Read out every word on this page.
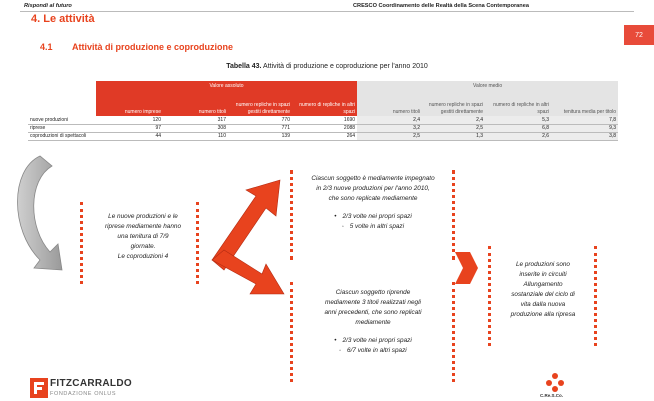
Rispondi al futuro	CRESCO Coordinamento delle Realtà della Scena Contemporanea
72
4. Le attività
4.1 Attività di produzione e coproduzione
Tabella 43. Attività di produzione e coproduzione per l'anno 2010
	Valore assoluto				Valore medio			
	numero imprese	numero titoli	numero repliche in spazi gestiti direttamente	numero di repliche in altri spazi	numero titoli	numero repliche in spazi gestiti direttamente	numero di repliche in altri spazi	tenitura media per titolo
nuove produzioni	120	317	770	1690	2,4	2,4	5,3	7,8
riprese	97	308	771	2088	3,2	2,5	6,8	9,3
coproduzioni di spettacoli	44	110	139	264	2,5	1,3	2,6	3,8
Le nuove produzioni e le
riprese mediamente hanno
una tenitura di 7/9
giornate.
Le coproduzioni 4
Ciascun soggetto è mediamente impegnato
in 2/3 nuove produzioni per l'anno 2010,
che sono replicate mediamente
• 2/3 volte nei propri spazi
▫ 5 volte in altri spazi
Ciascun soggetto riprende
mediamente 3 titoli realizzati negli
anni precedenti, che sono replicati
mediamente
• 2/3 volte nei propri spazi
▫ 6/7 volte in altri spazi
Le produzioni sono
inserite in circuiti
Allungamento
sostanziale del ciclo di
vita dalla nuova
produzione alla ripresa
FITZCARRALDO
FONDAZIONE ONLUS	C.Re.S.Co.
